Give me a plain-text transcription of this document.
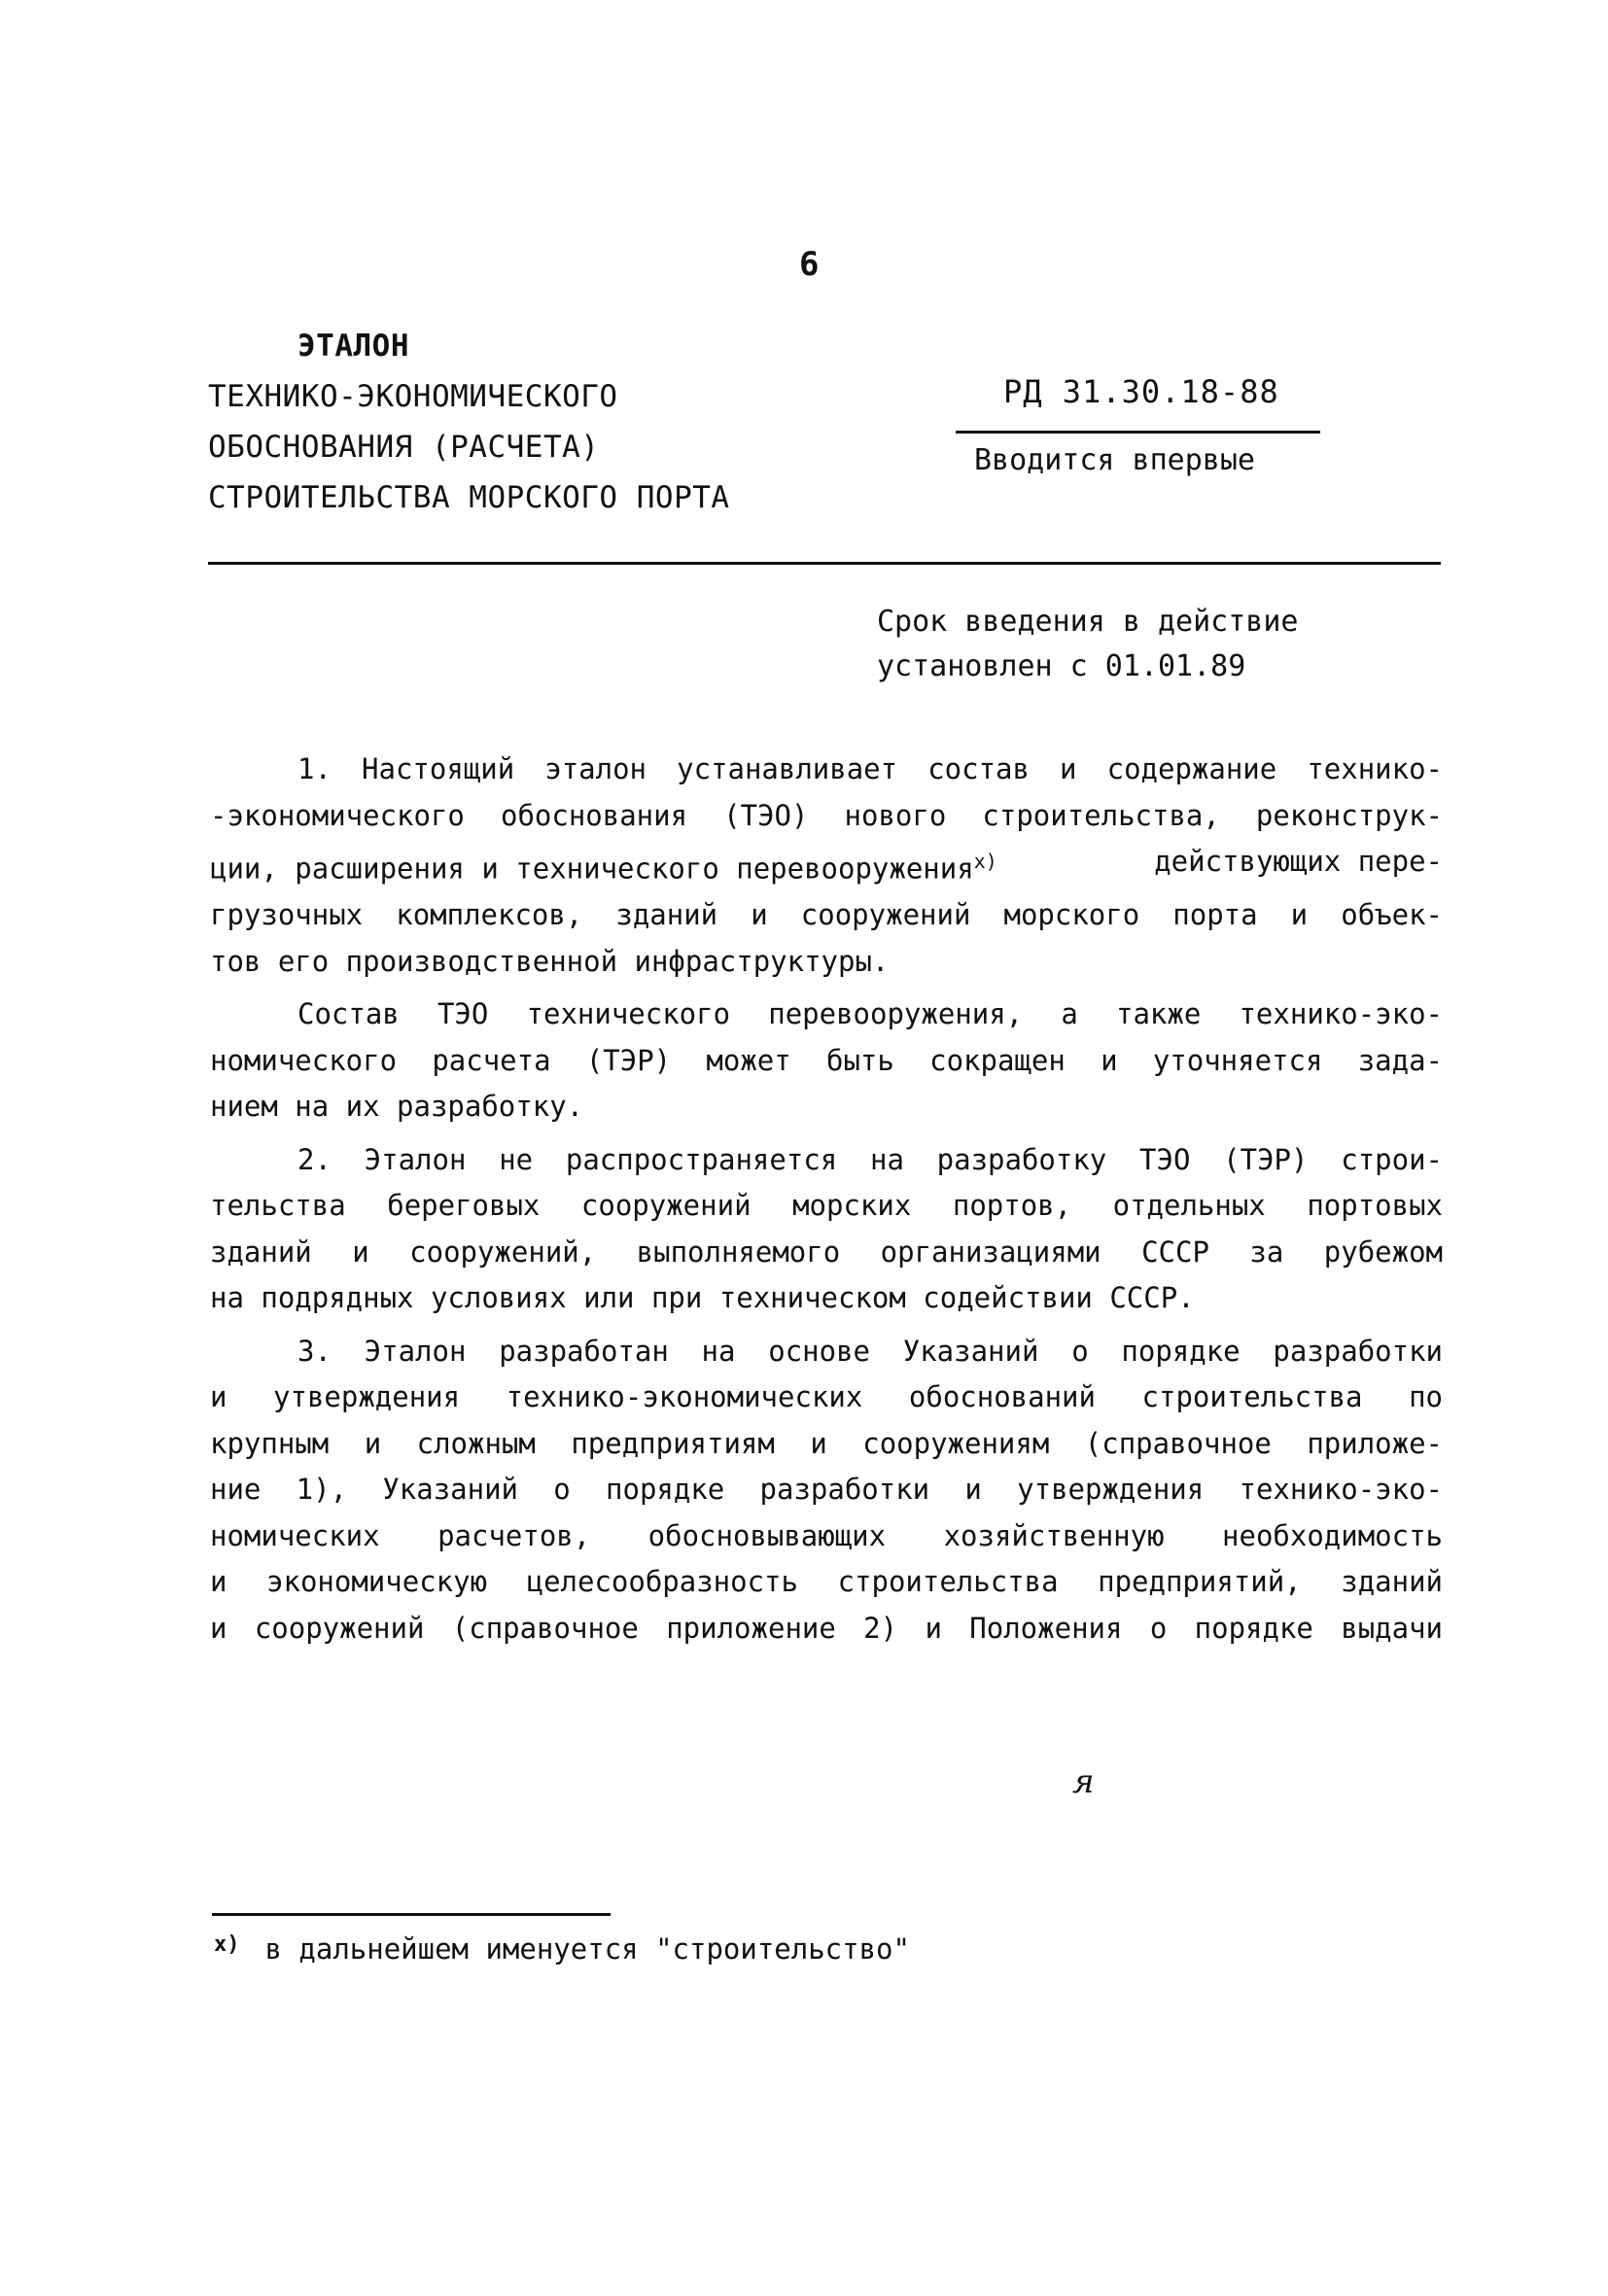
6
ЭТАЛОН
ТЕХНИКО-ЭКОНОМИЧЕСКОГО
ОБОСНОВАНИЯ (РАСЧЕТА)
СТРОИТЕЛЬСТВА МОРСКОГО ПОРТА
РД 31.30.18-88
Вводится впервые
Срок введения в действие
установлен с 01.01.89
1. Настоящий эталон устанавливает состав и содержание технико-
-экономического обоснования (ТЭО) нового строительства, реконструк-
ции, расширения и технического перевооружения$^{х)}$	действующих пере-
грузочных комплексов, зданий и сооружений морского порта и объек-
тов его производственной инфраструктуры.
Состав ТЭО технического перевооружения, а также технико-эко-
номического расчета (ТЭР) может быть сокращен и уточняется зада-
нием на их разработку.
2. Эталон не распространяется на разработку ТЭО (ТЭР) строи-
тельства береговых сооружений морских портов, отдельных портовых
зданий и сооружений, выполняемого организациями СССР за рубежом
на подрядных условиях или при техническом содействии СССР.
3. Эталон разработан на основе Указаний о порядке разработки
и утверждения технико-экономических обоснований строительства по
крупным и сложным предприятиям и сооружениям (справочное приложе-
ние 1), Указаний о порядке разработки и утверждения технико-эко-
номических расчетов, обосновывающих хозяйственную необходимость
и экономическую целесообразность строительства предприятий, зданий
и сооружений (справочное приложение 2) и Положения о порядке выдачи
я
$^{х)}$ в дальнейшем именуется "строительство"
